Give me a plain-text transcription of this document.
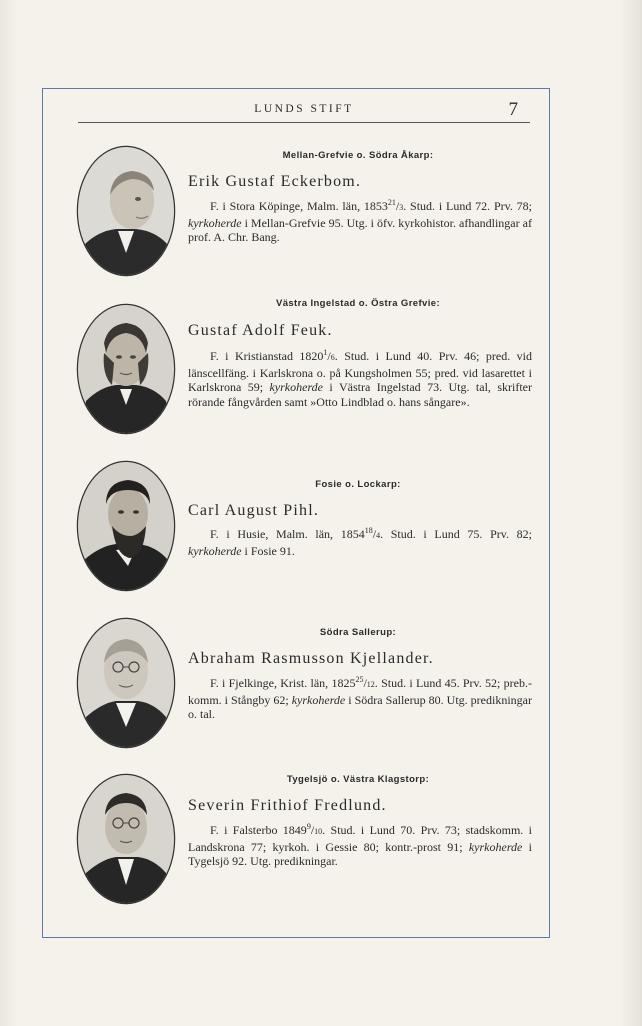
LUNDS STIFT	7
Mellan-Grefvie o. Södra Åkarp:
Erik Gustaf Eckerbom.
F. i Stora Köpinge, Malm. län, 1853$^{21}$/3. Stud. i Lund 72. Prv. 78; kyrkoherde i Mellan-Grefvie 95. Utg. i öfv. kyrkohistor. afhandlingar af prof. A. Chr. Bang.
Västra Ingelstad o. Östra Grefvie:
Gustaf Adolf Feuk.
F. i Kristianstad 1820$^1$/6. Stud. i Lund 40. Prv. 46; pred. vid länscellfäng. i Karlskrona o. på Kungsholmen 55; pred. vid lasarettet i Karlskrona 59; kyrkoherde i Västra Ingelstad 73. Utg. tal, skrifter rörande fångvården samt »Otto Lindblad o. hans sångare».
Fosie o. Lockarp:
Carl August Pihl.
F. i Husie, Malm. län, 1854$^{18}$/4. Stud. i Lund 75. Prv. 82; kyrkoherde i Fosie 91.
Södra Sallerup:
Abraham Rasmusson Kjellander.
F. i Fjelkinge, Krist. län, 1825$^{25}$/12. Stud. i Lund 45. Prv. 52; preb.-komm. i Stångby 62; kyrkoherde i Södra Sallerup 80. Utg. predikningar o. tal.
Tygelsjö o. Västra Klagstorp:
Severin Frithiof Fredlund.
F. i Falsterbo 1849$^9$/10. Stud. i Lund 70. Prv. 73; stadskomm. i Landskrona 77; kyrkoh. i Gessie 80; kontr.-prost 91; kyrkoherde i Tygelsjö 92. Utg. predikningar.
